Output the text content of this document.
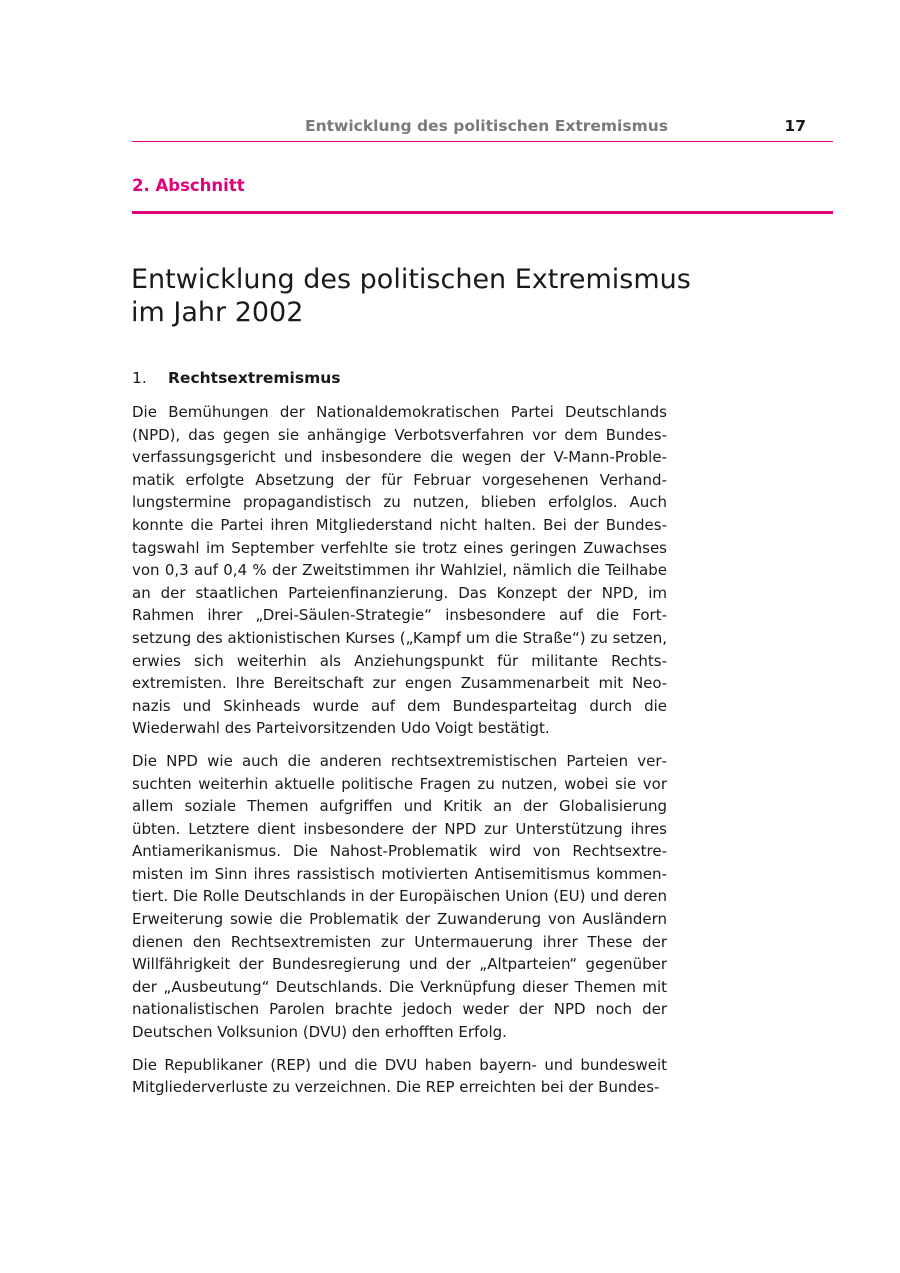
Entwicklung des politischen Extremismus	17
2. Abschnitt
Entwicklung des politischen Extremismus
im Jahr 2002
1. Rechtsextremismus

Die Bemühungen der Nationaldemokratischen Partei Deutschlands (NPD), das gegen sie anhängige Verbotsverfahren vor dem Bundesverfassungsgericht und insbesondere die wegen der V-Mann-Problematik erfolgte Absetzung der für Februar vorgesehenen Verhandlungstermine propagandistisch zu nutzen, blieben erfolglos. Auch konnte die Partei ihren Mitgliederstand nicht halten. Bei der Bundestagswahl im September verfehlte sie trotz eines geringen Zuwachses von 0,3 auf 0,4 % der Zweitstimmen ihr Wahlziel, nämlich die Teilhabe an der staatlichen Parteienfinanzierung. Das Konzept der NPD, im Rahmen ihrer „Drei-Säulen-Strategie“ insbesondere auf die Fortsetzung des aktionistischen Kurses („Kampf um die Straße“) zu setzen, erwies sich weiterhin als Anziehungspunkt für militante Rechtsextremisten. Ihre Bereitschaft zur engen Zusammenarbeit mit Neonazis und Skinheads wurde auf dem Bundesparteitag durch die Wiederwahl des Parteivorsitzenden Udo Voigt bestätigt.

Die NPD wie auch die anderen rechtsextremistischen Parteien versuchten weiterhin aktuelle politische Fragen zu nutzen, wobei sie vor allem soziale Themen aufgriffen und Kritik an der Globalisierung übten. Letztere dient insbesondere der NPD zur Unterstützung ihres Antiamerikanismus. Die Nahost-Problematik wird von Rechtsextremisten im Sinn ihres rassistisch motivierten Antisemitismus kommentiert. Die Rolle Deutschlands in der Europäischen Union (EU) und deren Erweiterung sowie die Problematik der Zuwanderung von Ausländern dienen den Rechtsextremisten zur Untermauerung ihrer These der Willfährigkeit der Bundesregierung und der „Altparteien“ gegenüber der „Ausbeutung“ Deutschlands. Die Verknüpfung dieser Themen mit nationalistischen Parolen brachte jedoch weder der NPD noch der Deutschen Volksunion (DVU) den erhofften Erfolg.

Die Republikaner (REP) und die DVU haben bayern- und bundesweit Mitgliederverluste zu verzeichnen. Die REP erreichten bei der Bundes-
